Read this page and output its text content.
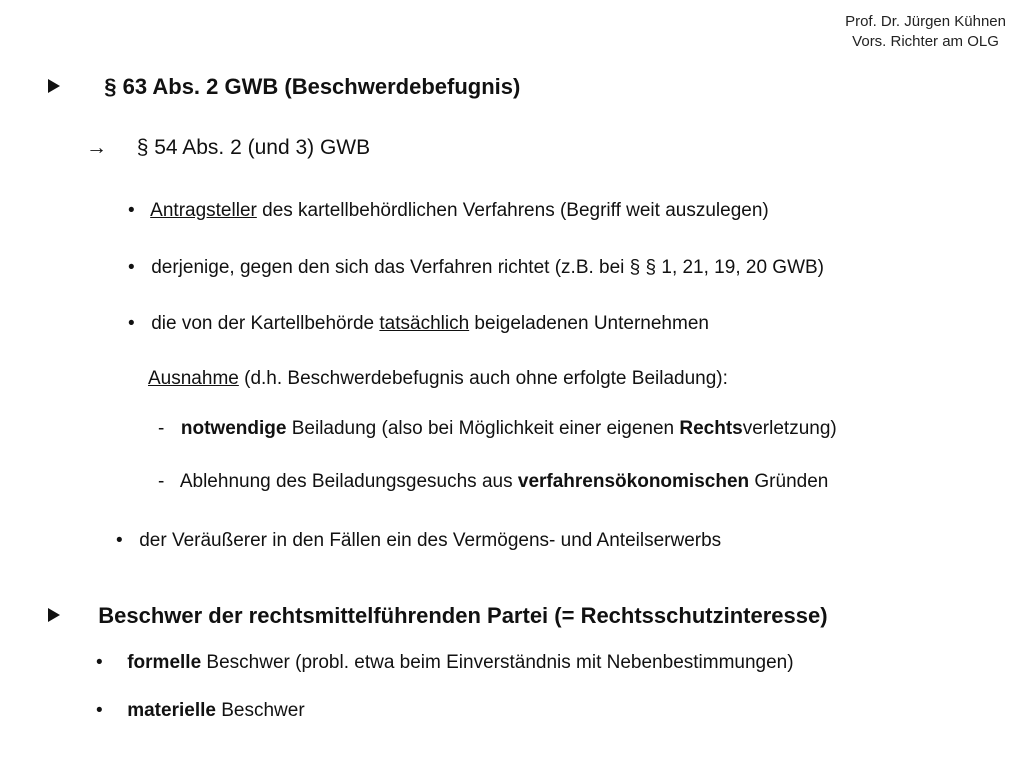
Prof. Dr. Jürgen Kühnen
Vors. Richter am OLG
§ 63 Abs. 2 GWB (Beschwerdebefugnis)
→ § 54 Abs. 2 (und 3) GWB
• Antragsteller des kartellbehördlichen Verfahrens (Begriff weit auszulegen)
• derjenige, gegen den sich das Verfahren richtet (z.B. bei § § 1, 21, 19, 20 GWB)
• die von der Kartellbehörde tatsächlich beigeladenen Unternehmen
Ausnahme (d.h. Beschwerdebefugnis auch ohne erfolgte Beiladung):
- notwendige Beiladung (also bei Möglichkeit einer eigenen Rechtsverletzung)
- Ablehnung des Beiladungsgesuchs aus verfahrensökonomischen Gründen
• der Veräußerer in den Fällen ein des Vermögens- und Anteilserwerbs
Beschwer der rechtsmittelführenden Partei (= Rechtsschutzinteresse)
• formelle Beschwer (probl. etwa beim Einverständnis mit Nebenbestimmungen)
• materielle Beschwer
